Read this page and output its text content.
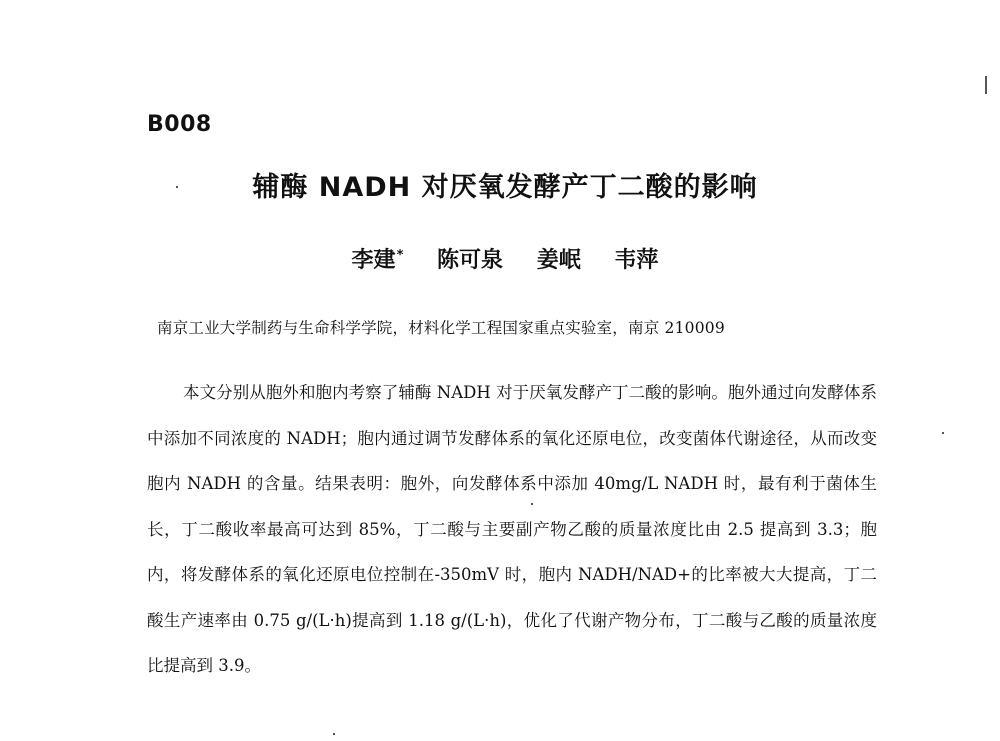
B008
辅酶 NADH 对厌氧发酵产丁二酸的影响
李建* 陈可泉 姜岷 韦萍
南京工业大学制药与生命科学学院，材料化学工程国家重点实验室，南京 210009

本文分别从胞外和胞内考察了辅酶 NADH 对于厌氧发酵产丁二酸的影响。胞外通过向发酵体系中添加不同浓度的 NADH；胞内通过调节发酵体系的氧化还原电位，改变菌体代谢途径，从而改变胞内 NADH 的含量。结果表明：胞外，向发酵体系中添加 40mg/L NADH 时，最有利于菌体生长，丁二酸收率最高可达到 85%，丁二酸与主要副产物乙酸的质量浓度比由 2.5 提高到 3.3；胞内，将发酵体系的氧化还原电位控制在-350mV 时，胞内 NADH/NAD+的比率被大大提高，丁二酸生产速率由 0.75 g/(L·h)提高到 1.18 g/(L·h)，优化了代谢产物分布，丁二酸与乙酸的质量浓度比提高到 3.9。
